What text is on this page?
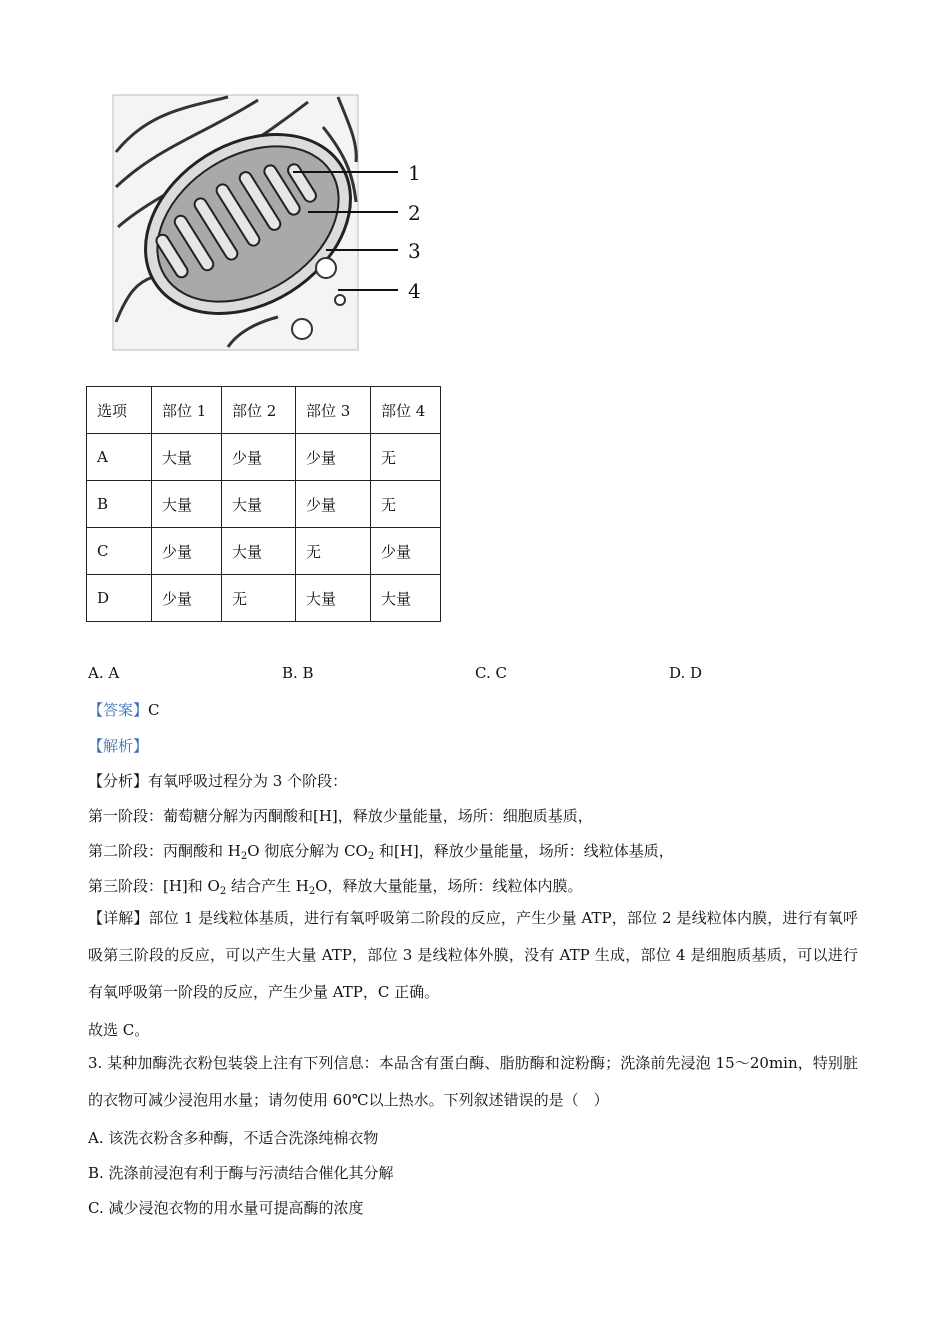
1
2
3
4
选项	部位 1	部位 2	部位 3	部位 4
A	大量	少量	少量	无
B	大量	大量	少量	无
C	少量	大量	无	少量
D	少量	无	大量	大量
A. A	B. B	C. C	D. D
【答案】C
【解析】
【分析】有氧呼吸过程分为 3 个阶段：
第一阶段：葡萄糖分解为丙酮酸和[H]，释放少量能量，场所：细胞质基质，
第二阶段：丙酮酸和 $H_2O$ 彻底分解为 $CO_2$ 和[H]，释放少量能量，场所：线粒体基质，
第三阶段：[H]和 $O_2$ 结合产生 $H_2O$，释放大量能量，场所：线粒体内膜。
【详解】部位 1 是线粒体基质，进行有氧呼吸第二阶段的反应，产生少量 ATP，部位 2 是线粒体内膜，进行有氧呼吸第三阶段的反应，可以产生大量 ATP，部位 3 是线粒体外膜，没有 ATP 生成，部位 4 是细胞质基质，可以进行有氧呼吸第一阶段的反应，产生少量 ATP，C 正确。
故选 C。
3. 某种加酶洗衣粉包装袋上注有下列信息：本品含有蛋白酶、脂肪酶和淀粉酶；洗涤前先浸泡 15～20min，特别脏的衣物可减少浸泡用水量；请勿使用 60℃以上热水。下列叙述错误的是（　）
A. 该洗衣粉含多种酶，不适合洗涤纯棉衣物
B. 洗涤前浸泡有利于酶与污渍结合催化其分解
C. 减少浸泡衣物的用水量可提高酶的浓度
